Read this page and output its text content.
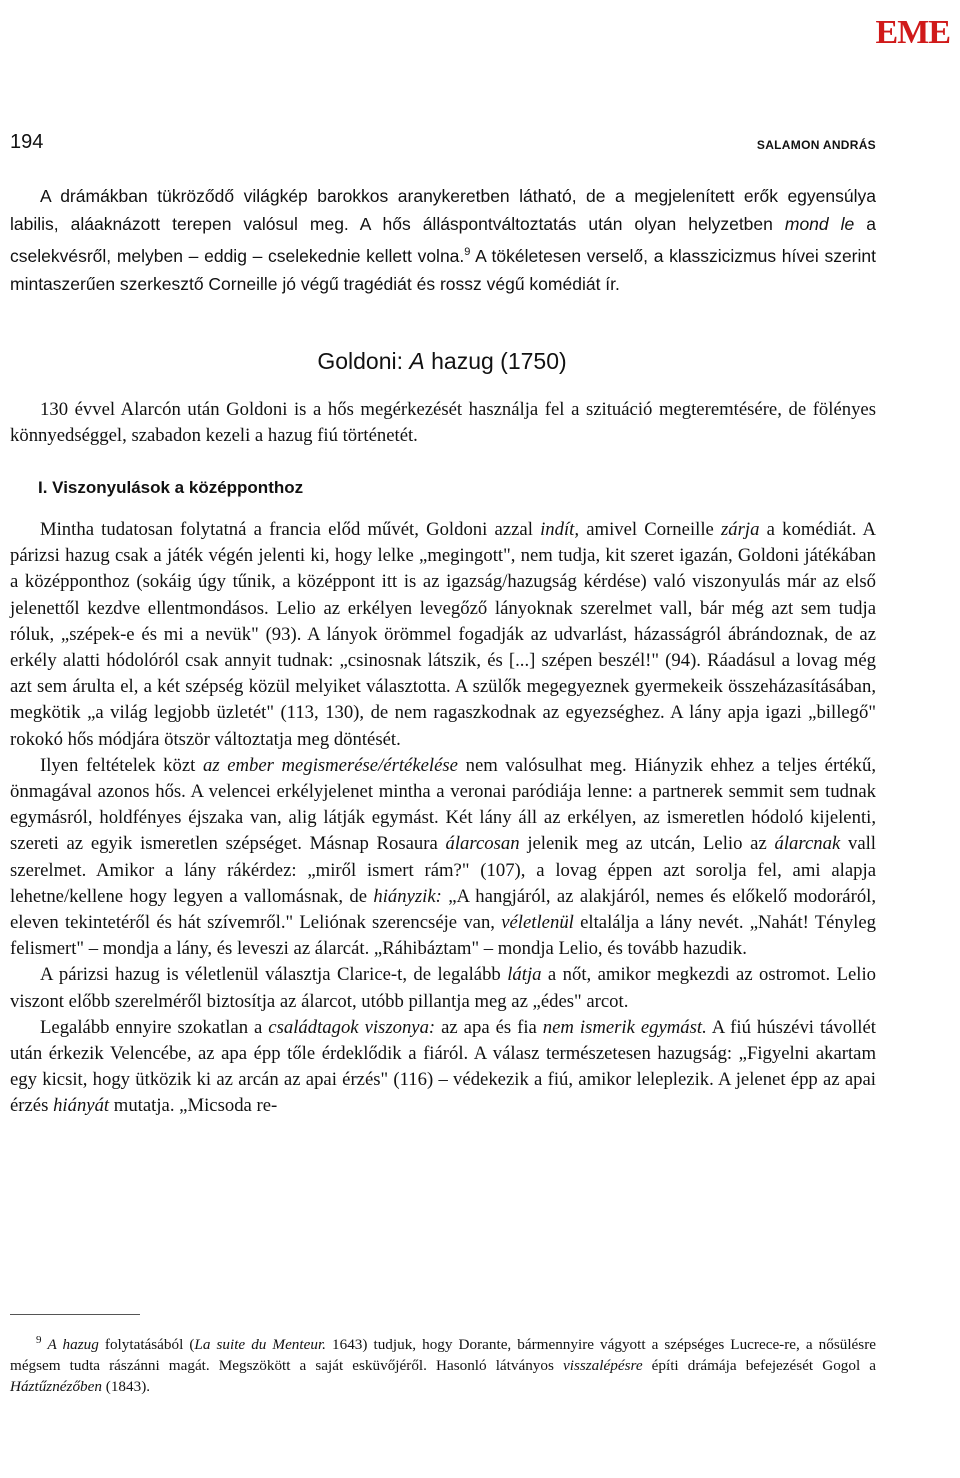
EME
194	SALAMON ANDRÁS

A drámákban tükröződő világkép barokkos aranykeretben látható, de a megjelenített erők egyensúlya labilis, aláaknázott terepen valósul meg. A hős álláspontváltoztatás után olyan helyzetben mond le a cselekvésről, melyben – eddig – cselekednie kellett volna.$^9$ A tökéletesen verselő, a klasszicizmus hívei szerint mintaszerűen szerkesztő Corneille jó végű tragédiát és rossz végű komédiát ír.

Goldoni: A hazug (1750)

130 évvel Alarcón után Goldoni is a hős megérkezését használja fel a szituáció megteremtésére, de fölényes könnyedséggel, szabadon kezeli a hazug fiú történetét.

I. Viszonyulások a középponthoz

Mintha tudatosan folytatná a francia előd művét, Goldoni azzal indít, amivel Corneille zárja a komédiát. A párizsi hazug csak a játék végén jelenti ki, hogy lelke „megingott", nem tudja, kit szeret igazán, Goldoni játékában a középponthoz (sokáig úgy tűnik, a középpont itt is az igazság/hazugság kérdése) való viszonyulás már az első jelenettől kezdve ellentmondásos. Lelio az erkélyen levegőző lányoknak szerelmet vall, bár még azt sem tudja róluk, „szépek-e és mi a nevük" (93). A lányok örömmel fogadják az udvarlást, házasságról ábrándoznak, de az erkély alatti hódolóról csak annyit tudnak: „csinosnak látszik, és [...] szépen beszél!" (94). Ráadásul a lovag még azt sem árulta el, a két szépség közül melyiket választotta. A szülők megegyeznek gyermekeik összeházasításában, megkötik „a világ legjobb üzletét" (113, 130), de nem ragaszkodnak az egyezséghez. A lány apja igazi „billegő" rokokó hős módjára ötször változtatja meg döntését.

Ilyen feltételek közt az ember megismerése/értékelése nem valósulhat meg. Hiányzik ehhez a teljes értékű, önmagával azonos hős. A velencei erkélyjelenet mintha a veronai paródiája lenne: a partnerek semmit sem tudnak egymásról, holdfényes éjszaka van, alig látják egymást. Két lány áll az erkélyen, az ismeretlen hódoló kijelenti, szereti az egyik ismeretlen szépséget. Másnap Rosaura álarcosan jelenik meg az utcán, Lelio az álarcnak vall szerelmet. Amikor a lány rákérdez: „miről ismert rám?" (107), a lovag éppen azt sorolja fel, ami alapja lehetne/kellene hogy legyen a vallomásnak, de hiányzik: „A hangjáról, az alakjáról, nemes és előkelő modoráról, eleven tekintetéről és hát szívemről." Leliónak szerencséje van, véletlenül eltalálja a lány nevét. „Nahát! Tényleg felismert" – mondja a lány, és leveszi az álarcát. „Ráhibáztam" – mondja Lelio, és tovább hazudik.

A párizsi hazug is véletlenül választja Clarice-t, de legalább látja a nőt, amikor megkezdi az ostromot. Lelio viszont előbb szerelméről biztosítja az álarcot, utóbb pillantja meg az „édes" arcot.

Legalább ennyire szokatlan a családtagok viszonya: az apa és fia nem ismerik egymást. A fiú húszévi távollét után érkezik Velencébe, az apa épp tőle érdeklődik a fiáról. A válasz természetesen hazugság: „Figyelni akartam egy kicsit, hogy ütközik ki az arcán az apai érzés" (116) – védekezik a fiú, amikor leleplezik. A jelenet épp az apai érzés hiányát mutatja. „Micsoda re-

$^9$ A hazug folytatásából (La suite du Menteur. 1643) tudjuk, hogy Dorante, bármennyire vágyott a szépséges Lucrece-re, a nősülésre mégsem tudta rászánni magát. Megszökött a saját esküvőjéről. Hasonló látványos visszalépésre építi drámája befejezését Gogol a Háztűznézőben (1843).
